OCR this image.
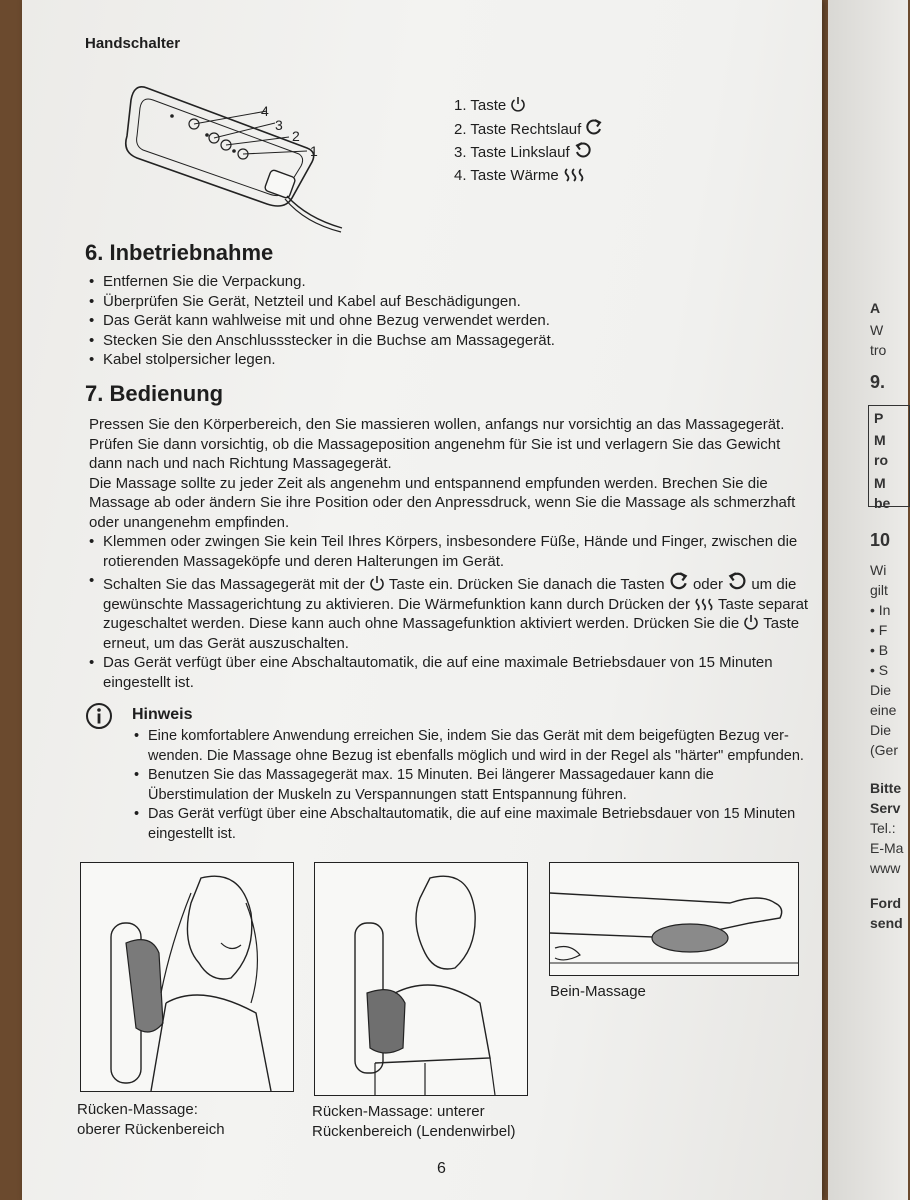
Handschalter
4
3
2
1
1. Taste
2. Taste Rechtslauf
3. Taste Linkslauf
4. Taste Wärme
6. Inbetriebnahme
• Entfernen Sie die Verpackung.
• Überprüfen Sie Gerät, Netzteil und Kabel auf Beschädigungen.
• Das Gerät kann wahlweise mit und ohne Bezug verwendet werden.
• Stecken Sie den Anschlussstecker in die Buchse am Massagegerät.
• Kabel stolpersicher legen.
7. Bedienung
Pressen Sie den Körperbereich, den Sie massieren wollen, anfangs nur vorsichtig an das Massagegerät.
Prüfen Sie dann vorsichtig, ob die Massageposition angenehm für Sie ist und verlagern Sie das Gewicht
dann nach und nach Richtung Massagegerät.
Die Massage sollte zu jeder Zeit als angenehm und entspannend empfunden werden. Brechen Sie die
Massage ab oder ändern Sie ihre Position oder den Anpressdruck, wenn Sie die Massage als schmerzhaft
oder unangenehm empfinden.
• Klemmen oder zwingen Sie kein Teil Ihres Körpers, insbesondere Füße, Hände und Finger, zwischen die
rotierenden Massageköpfe und deren Halterungen im Gerät.
• Schalten Sie das Massagegerät mit der Taste ein. Drücken Sie danach die Tasten oder um die
gewünschte Massagerichtung zu aktivieren. Die Wärmefunktion kann durch Drücken der Taste separat
zugeschaltet werden. Diese kann auch ohne Massagefunktion aktiviert werden. Drücken Sie die Taste
erneut, um das Gerät auszuschalten.
• Das Gerät verfügt über eine Abschaltautomatik, die auf eine maximale Betriebsdauer von 15 Minuten
eingestellt ist.
Hinweis
• Eine komfortablere Anwendung erreichen Sie, indem Sie das Gerät mit dem beigefügten Bezug ver-
wenden. Die Massage ohne Bezug ist ebenfalls möglich und wird in der Regel als "härter" empfunden.
• Benutzen Sie das Massagegerät max. 15 Minuten. Bei längerer Massagedauer kann die Überstimulation der Muskeln zu Verspannungen statt Entspannung führen.
• Das Gerät verfügt über eine Abschaltautomatik, die auf eine maximale Betriebsdauer von 15 Minuten
eingestellt ist.
Rücken-Massage:
oberer Rückenbereich
Rücken-Massage: unterer
Rückenbereich (Lendenwirbel)
Bein-Massage
6
A
W
tro
9.
P
M
ro
M
be
10
Wi
gilt
• In
• F
• B
• S
Die
eine
Die
(Ger
Bitte
Serv
Tel.:
E-Ma
www
Ford
send
